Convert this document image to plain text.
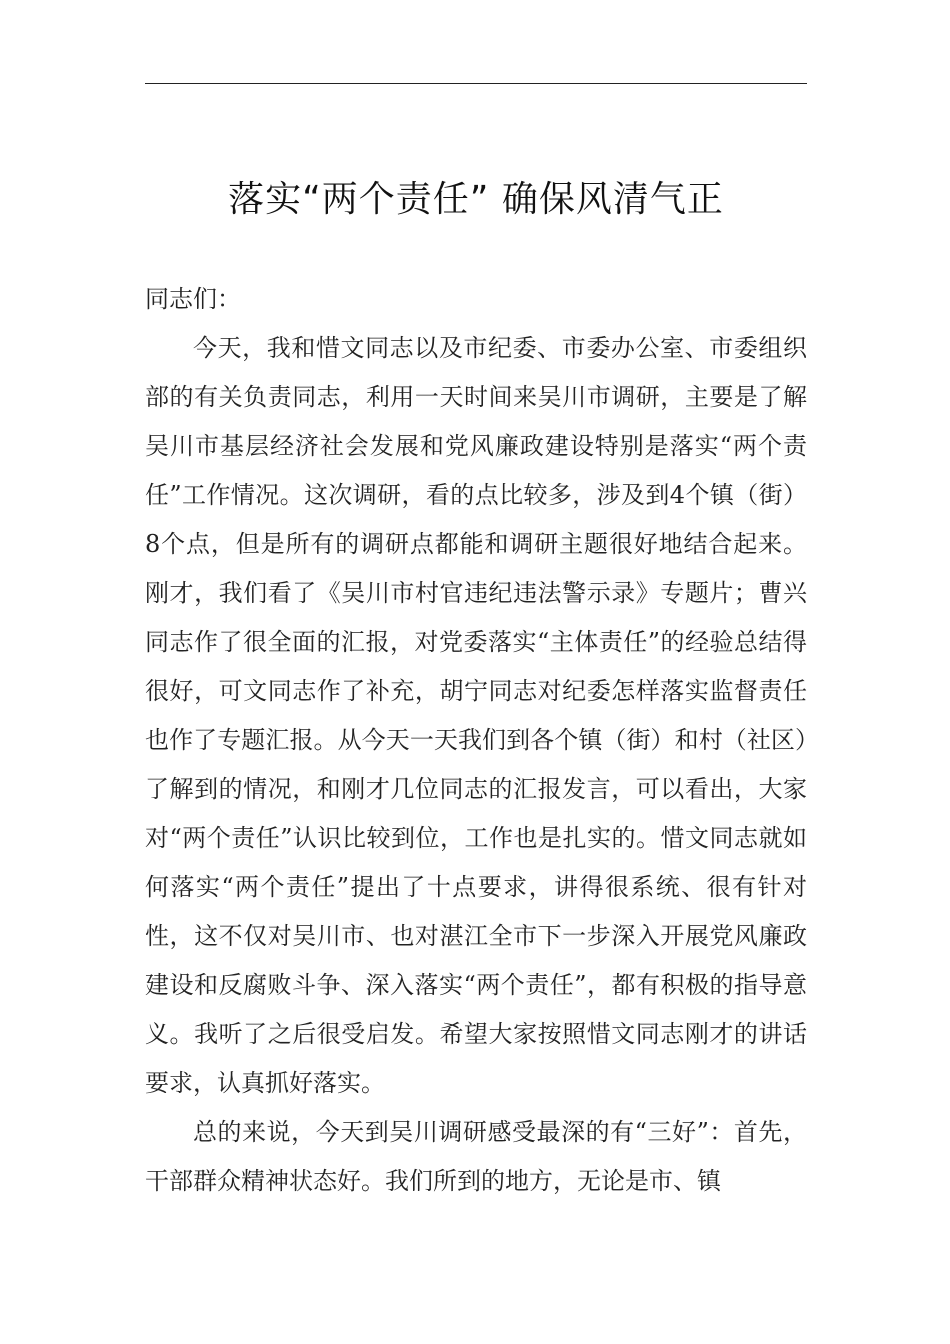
落实“两个责任” 确保风清气正

同志们：

今天，我和惜文同志以及市纪委、市委办公室、市委组织部的有关负责同志，利用一天时间来吴川市调研，主要是了解吴川市基层经济社会发展和党风廉政建设特别是落实“两个责任”工作情况。这次调研，看的点比较多，涉及到4个镇（街）8个点，但是所有的调研点都能和调研主题很好地结合起来。刚才，我们看了《吴川市村官违纪违法警示录》专题片；曹兴同志作了很全面的汇报，对党委落实“主体责任”的经验总结得很好，可文同志作了补充，胡宁同志对纪委怎样落实监督责任也作了专题汇报。从今天一天我们到各个镇（街）和村（社区）了解到的情况，和刚才几位同志的汇报发言，可以看出，大家对“两个责任”认识比较到位，工作也是扎实的。惜文同志就如何落实“两个责任”提出了十点要求，讲得很系统、很有针对性，这不仅对吴川市、也对湛江全市下一步深入开展党风廉政建设和反腐败斗争、深入落实“两个责任”，都有积极的指导意义。我听了之后很受启发。希望大家按照惜文同志刚才的讲话要求，认真抓好落实。

总的来说，今天到吴川调研感受最深的有“三好”：首先，干部群众精神状态好。我们所到的地方，无论是市、镇
